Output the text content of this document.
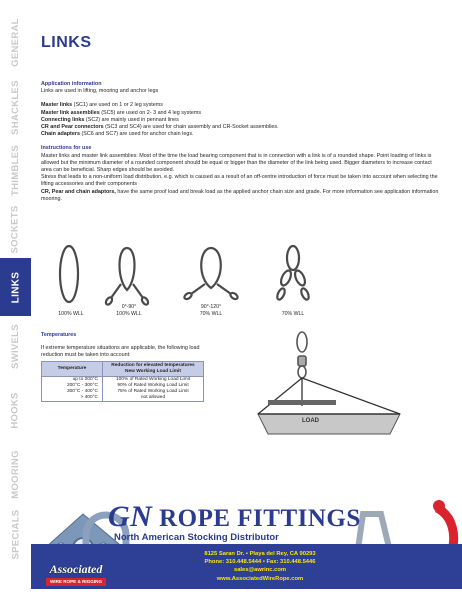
GENERAL
SHACKLES
THIMBLES
SOCKETS
LINKS
SWIVELS
HOOKS
MOORING
SPECIALS
LINKS

Application information

Links are used in lifting, mooring and anchor legs

Master links (SC1) are used on 1 or 2 leg systems

Master link assemblies (SC5) are used on 2- 3 and 4 leg systems

Connecting links (SC2) are mainly used in pennant lines

CR and Pear connectors (SC3 and SC4) are used for chain assembly and CR-Socket assemblies.

Chain adapters (SC6 and SC7) are used for anchor chain legs.

Instructions for use

Master links and master link assemblies: Most of the time the load bearing component that is in connection with a link is of a rounded shape. Point loading of links is allowed but the minimum diameter of a rounded component should be equal or bigger than the diameter of the link being used. Bigger diameters to increase contact area can be beneficial. Sharp edges should be avoided.

Stress that leads to a non-uniform load distribution, e.g. which is caused as a result of an off-centre introduction of force must be taken into account when selecting the lifting accessories and their components

CR, Pear and chain adaptors, have the same proof load and break load as the applied anchor chain size and grade. For more information see application information mooring.

100% WLL
0°-90°
100% WLL
90°-120°
70% WLL	70% WLL

Temperatures

If extreme temperature situations are applicable, the following load reduction must be taken into account:

Temperature	Reduction for elevated temperatures New Working Load Limit
up to 200°C	100% of Rated Working Load Limit
200°C - 300°C	90% of Rated Working Load Limit
300°C - 400°C	75% of Rated Working Load Limit
> 400°C	not allowed
LOAD
GN ROPE FITTINGS
North American Stocking Distributor
8125 Saran Dr. • Playa del Rey, CA 90293
Phone: 310.448.5444 • Fax: 310.448.5446
sales@awrinc.com
www.AssociatedWireRope.com
Associated
WIRE ROPE & RIGGING
